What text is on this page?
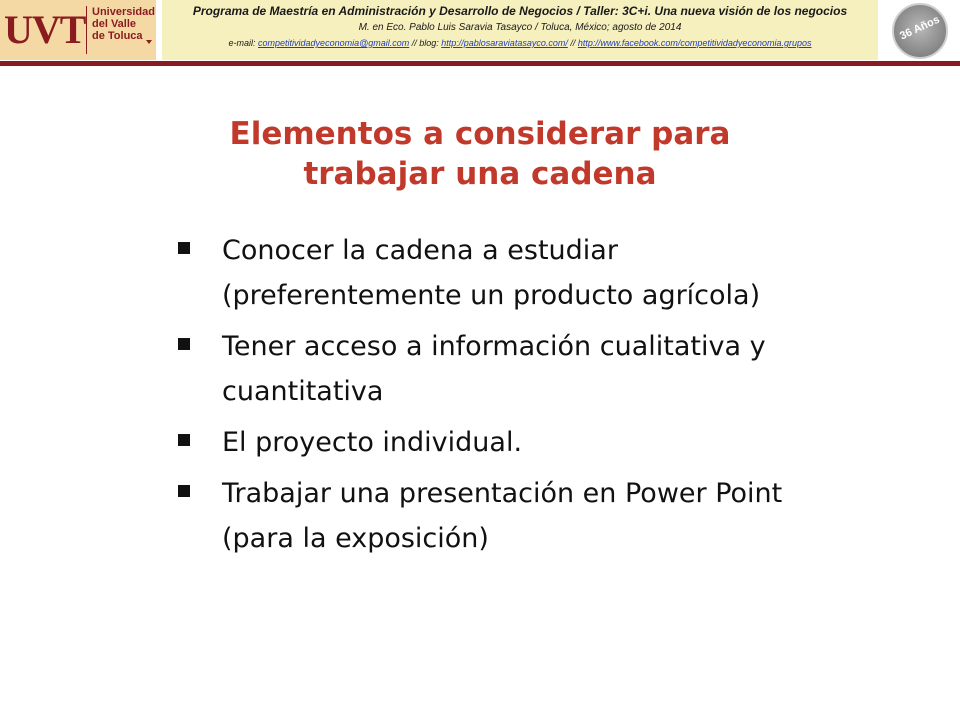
UVT Universidad
del Valle
de Toluca
Programa de Maestría en Administración y Desarrollo de Negocios / Taller: 3C+i. Una nueva visión de los negocios
M. en Eco. Pablo Luis Saravia Tasayco / Toluca, México; agosto de 2014
e-mail: competitividadyeconomia@gmail.com // blog: http://pablosaraviatasayco.com/ // http://www.facebook.com/competitividadyeconomia.grupos
36 Años
Elementos a considerar para
trabajar una cadena
Conocer la cadena a estudiar (preferentemente un producto agrícola)
Tener acceso a información cualitativa y cuantitativa
El proyecto individual.
Trabajar una presentación en Power Point (para la exposición)
